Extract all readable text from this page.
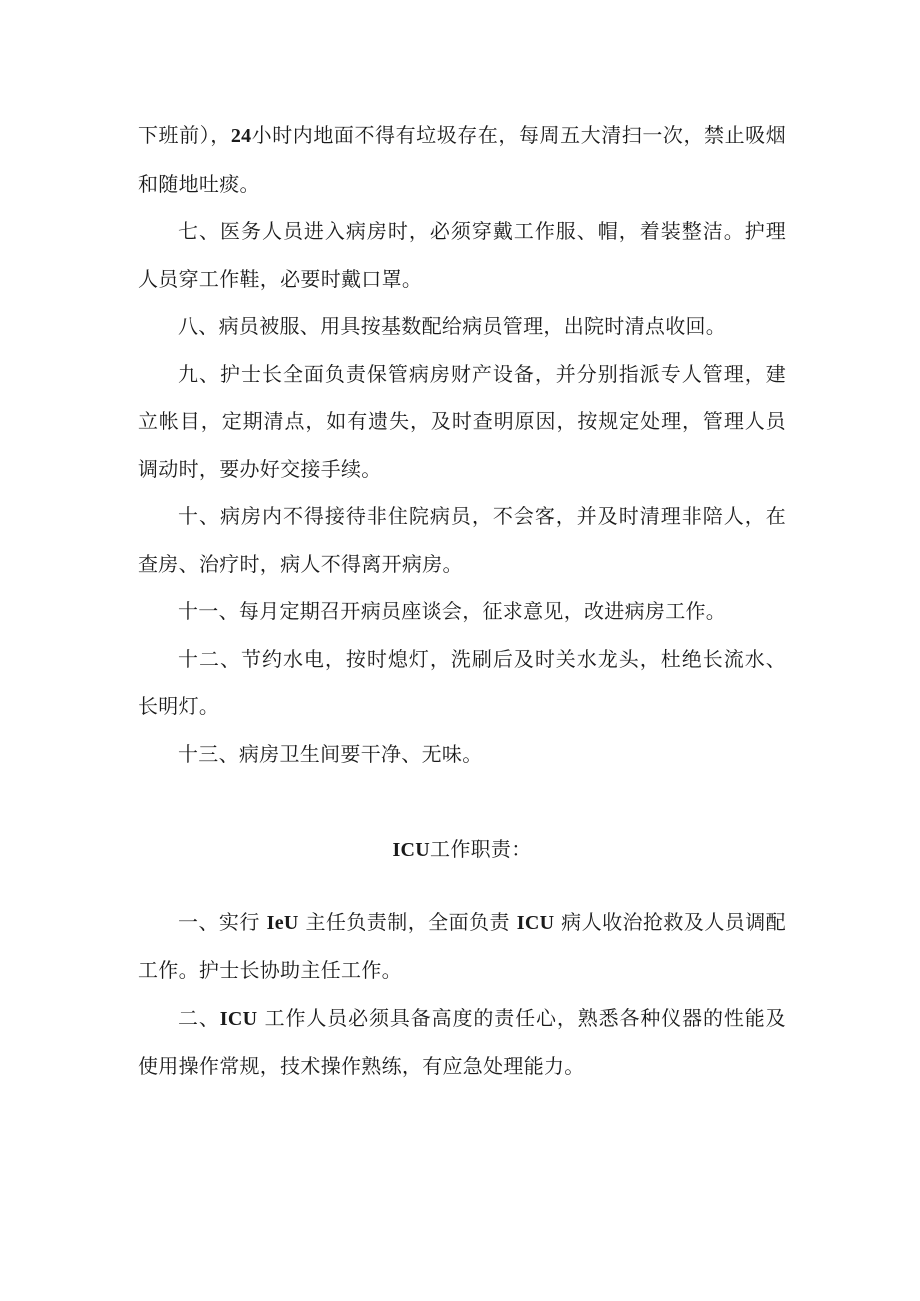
下班前），24小时内地面不得有垃圾存在，每周五大清扫一次，禁止吸烟和随地吐痰。

七、医务人员进入病房时，必须穿戴工作服、帽，着装整洁。护理人员穿工作鞋，必要时戴口罩。

八、病员被服、用具按基数配给病员管理，出院时清点收回。

九、护士长全面负责保管病房财产设备，并分别指派专人管理，建立帐目，定期清点，如有遗失，及时查明原因，按规定处理，管理人员调动时，要办好交接手续。

十、病房内不得接待非住院病员，不会客，并及时清理非陪人，在查房、治疗时，病人不得离开病房。

十一、每月定期召开病员座谈会，征求意见，改进病房工作。

十二、节约水电，按时熄灯，洗刷后及时关水龙头，杜绝长流水、长明灯。

十三、病房卫生间要干净、无味。

ICU工作职责：

一、实行 IeU 主任负责制，全面负责 ICU 病人收治抢救及人员调配工作。护士长协助主任工作。

二、ICU 工作人员必须具备高度的责任心，熟悉各种仪器的性能及使用操作常规，技术操作熟练，有应急处理能力。
